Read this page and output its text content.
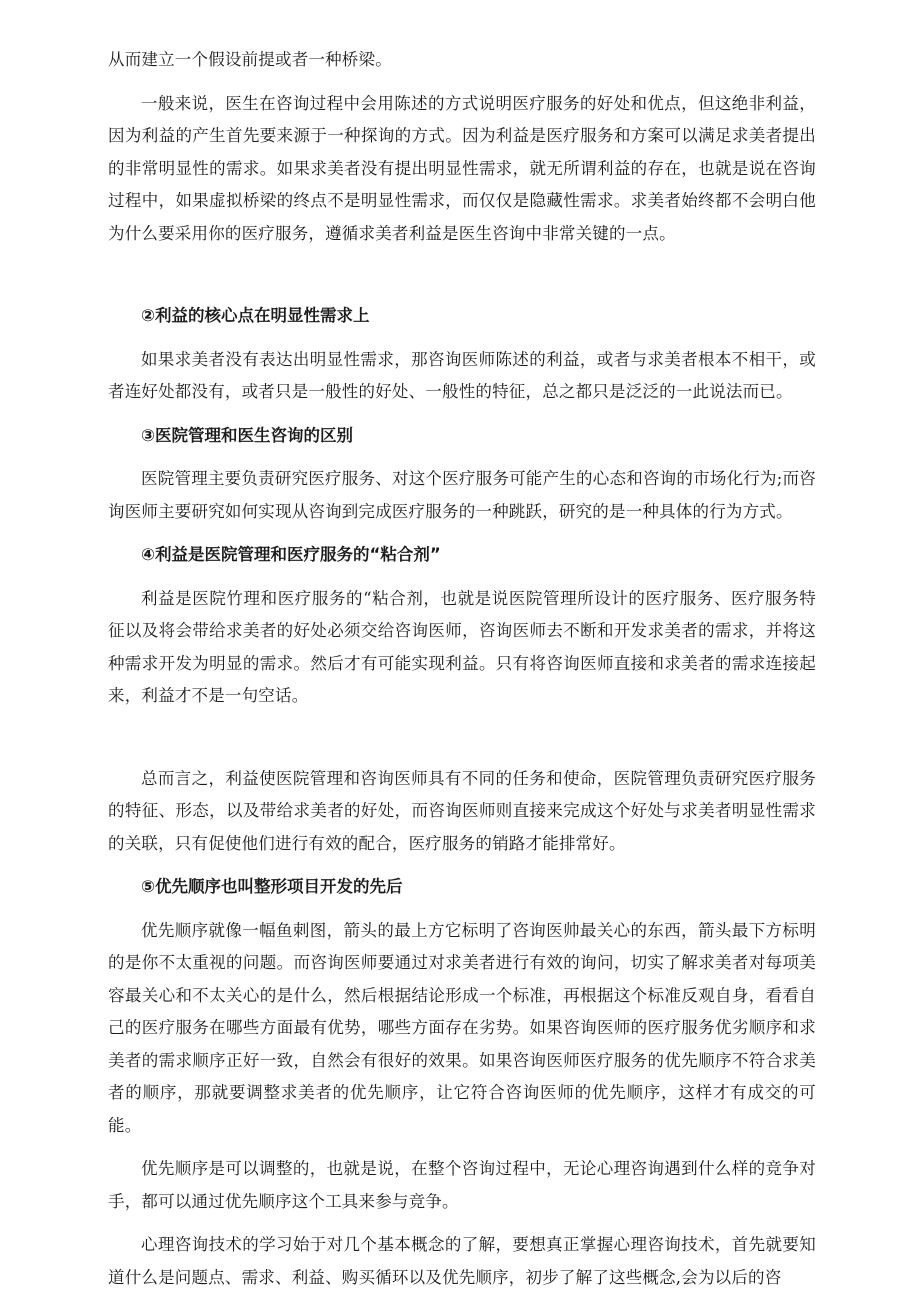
从而建立一个假设前提或者一种桥梁。

一般来说，医生在咨询过程中会用陈述的方式说明医疗服务的好处和优点，但这绝非利益，因为利益的产生首先要来源于一种探询的方式。因为利益是医疗服务和方案可以满足求美者提出的非常明显性的需求。如果求美者没有提出明显性需求，就无所谓利益的存在，也就是说在咨询过程中，如果虚拟桥梁的终点不是明显性需求，而仅仅是隐藏性需求。求美者始终都不会明白他为什么要采用你的医疗服务，遵循求美者利益是医生咨询中非常关键的一点。

②利益的核心点在明显性需求上

如果求美者没有表达出明显性需求，那咨询医师陈述的利益，或者与求美者根本不相干，或者连好处都没有，或者只是一般性的好处、一般性的特征，总之都只是泛泛的一此说法而已。

③医院管理和医生咨询的区别

医院管理主要负责研究医疗服务、对这个医疗服务可能产生的心态和咨询的市场化行为;而咨询医师主要研究如何实现从咨询到完成医疗服务的一种跳跃，研究的是一种具体的行为方式。

④利益是医院管理和医疗服务的“粘合剂”

利益是医院竹理和医疗服务的“粘合剂，也就是说医院管理所设计的医疗服务、医疗服务特征以及将会带给求美者的好处必须交给咨询医师，咨询医师去不断和开发求美者的需求，并将这种需求开发为明显的需求。然后才有可能实现利益。只有将咨询医师直接和求美者的需求连接起来，利益才不是一句空话。

总而言之，利益使医院管理和咨询医师具有不同的任务和使命，医院管理负责研究医疗服务的特征、形态，以及带给求美者的好处，而咨询医师则直接来完成这个好处与求美者明显性需求的关联，只有促使他们进行有效的配合，医疗服务的销路才能排常好。

⑤优先顺序也叫整形项目开发的先后

优先顺序就像一幅鱼刺图，箭头的最上方它标明了咨询医帅最关心的东西，箭头最下方标明的是你不太重视的问题。而咨询医师要通过对求美者进行有效的询问，切实了解求美者对每项美容最关心和不太关心的是什么，然后根据结论形成一个标准，再根据这个标准反观自身，看看自己的医疗服务在哪些方面最有优势，哪些方面存在劣势。如果咨询医师的医疗服务优劣顺序和求美者的需求顺序正好一致，自然会有很好的效果。如果咨询医师医疗服务的优先顺序不符合求美者的顺序，那就要调整求美者的优先顺序，让它符合咨询医师的优先顺序，这样才有成交的可能。

优先顺序是可以调整的，也就是说，在整个咨询过程中，无论心理咨询遇到什么样的竞争对手，都可以通过优先顺序这个工具来参与竞争。

心理咨询技术的学习始于对几个基本概念的了解，要想真正掌握心理咨询技术，首先就要知道什么是问题点、需求、利益、购买循环以及优先顺序，初步了解了这些概念,会为以后的咨
